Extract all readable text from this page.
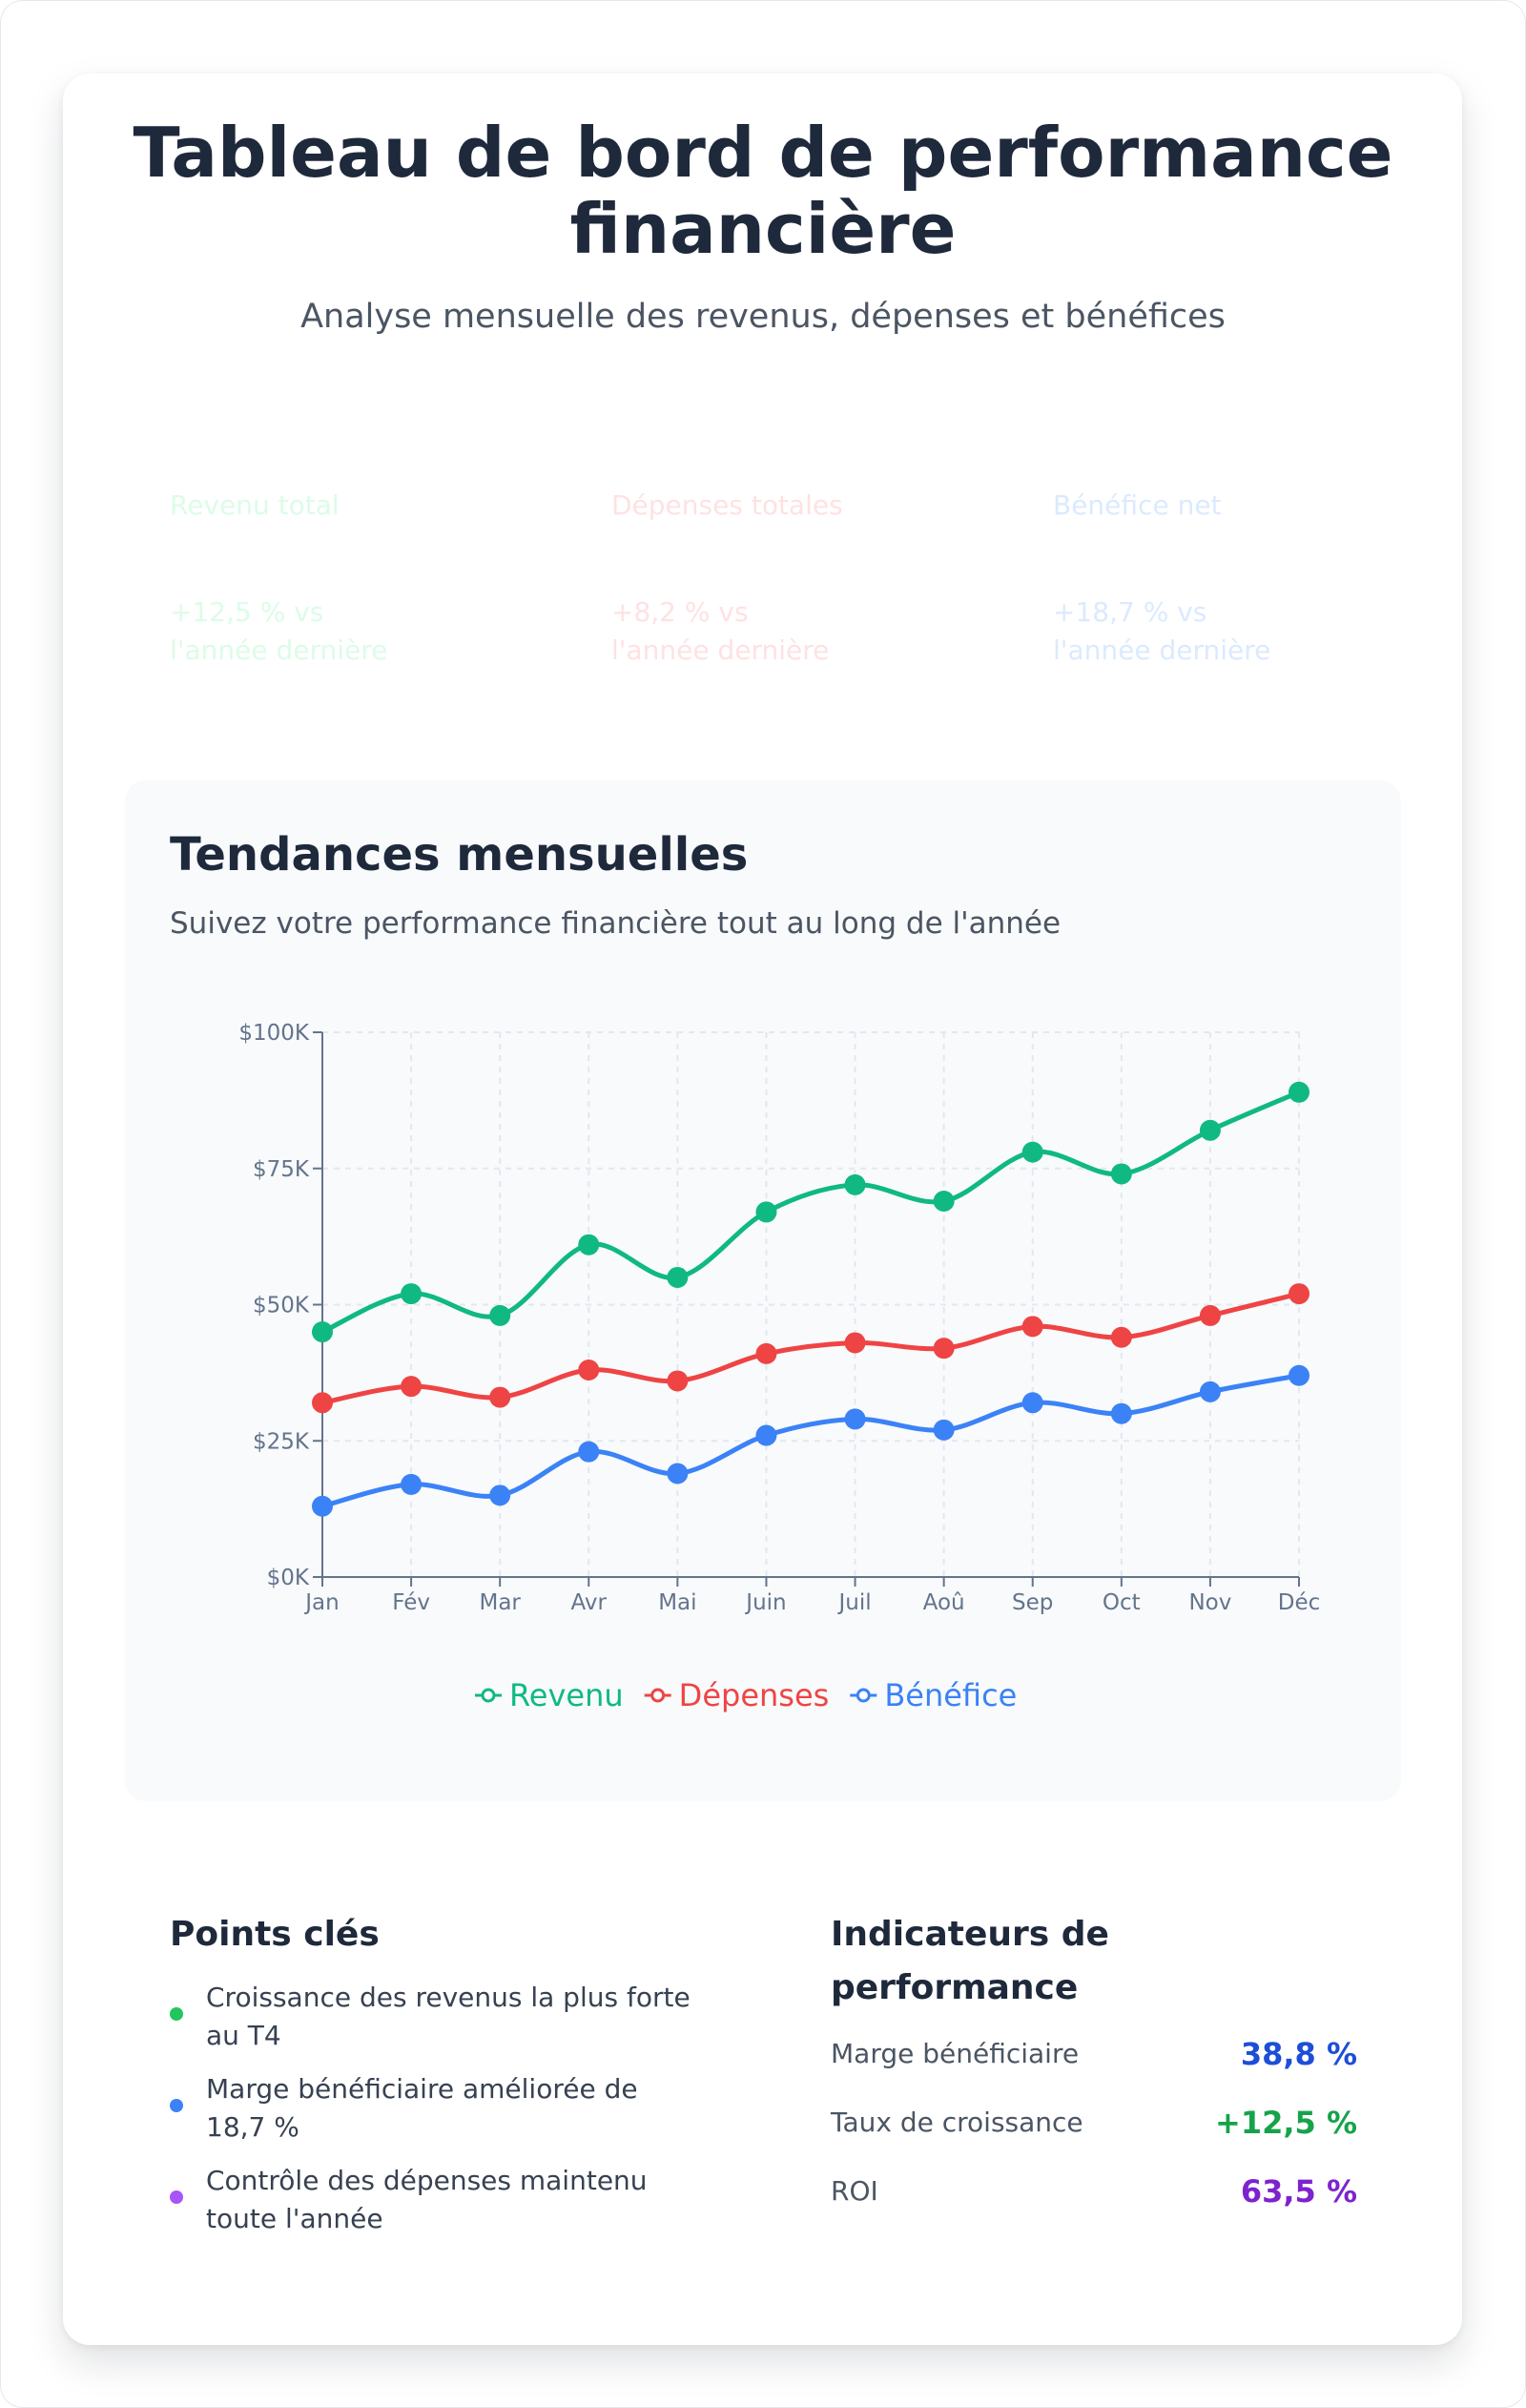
Tableau de bord de performance
financière

Analyse mensuelle des revenus, dépenses et bénéfices

Revenu total
+12,5 % vs
l'année dernière
Dépenses totales
+8,2 % vs
l'année dernière
Bénéfice net
+18,7 % vs
l'année dernière
Tendances mensuelles

Suivez votre performance financière tout au long de l'année

$0K
$25K
$50K
$75K
$100K
Jan Fév Mar Avr Mai Juin Juil Aoû Sep Oct Nov Déc
Revenu Dépenses Bénéfice
Points clés
Croissance des revenus la plus forte
au T4
Marge bénéficiaire améliorée de
18,7 %
Contrôle des dépenses maintenu
toute l'année
Indicateurs de
performance
Marge bénéficiaire	38,8 %
Taux de croissance	+12,5 %
ROI	63,5 %
